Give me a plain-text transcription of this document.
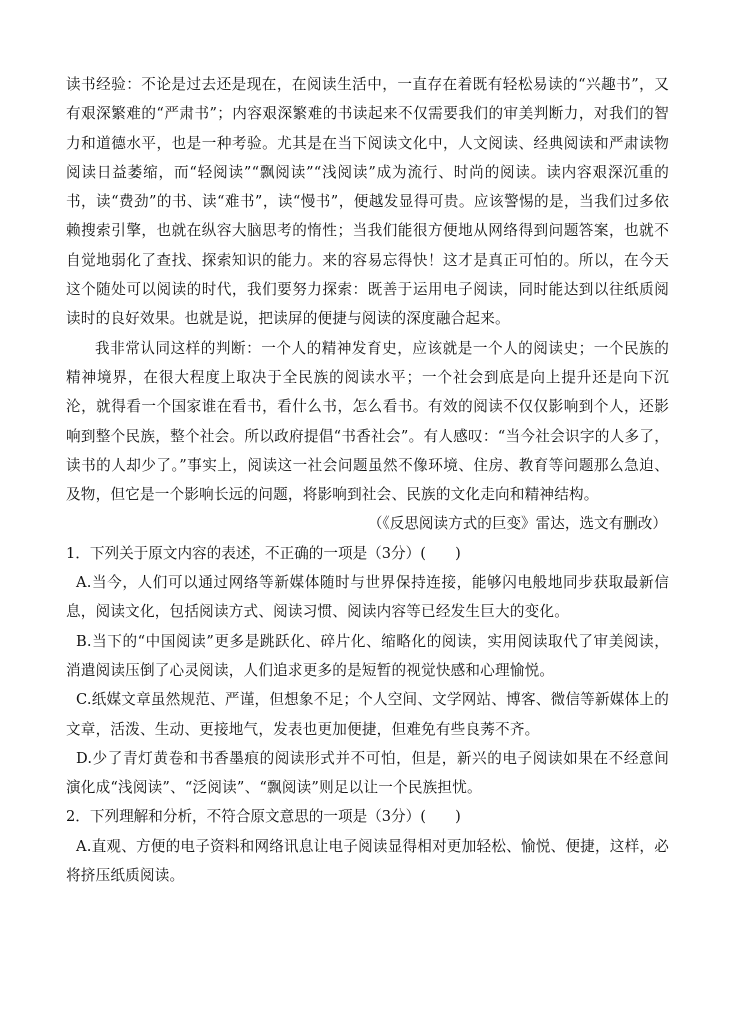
读书经验：不论是过去还是现在，在阅读生活中，一直存在着既有轻松易读的“兴趣书”，又有艰深繁难的“严肃书”；内容艰深繁难的书读起来不仅需要我们的审美判断力，对我们的智力和道德水平，也是一种考验。尤其是在当下阅读文化中，人文阅读、经典阅读和严肃读物阅读日益萎缩，而“轻阅读”“飘阅读”“浅阅读”成为流行、时尚的阅读。读内容艰深沉重的书，读“费劲”的书、读“难书”，读“慢书”，便越发显得可贵。应该警惕的是，当我们过多依赖搜索引擎，也就在纵容大脑思考的惰性；当我们能很方便地从网络得到问题答案，也就不自觉地弱化了查找、探索知识的能力。来的容易忘得快！这才是真正可怕的。所以，在今天这个随处可以阅读的时代，我们要努力探索：既善于运用电子阅读，同时能达到以往纸质阅读时的良好效果。也就是说，把读屏的便捷与阅读的深度融合起来。

我非常认同这样的判断：一个人的精神发育史，应该就是一个人的阅读史；一个民族的精神境界，在很大程度上取决于全民族的阅读水平；一个社会到底是向上提升还是向下沉沦，就得看一个国家谁在看书，看什么书，怎么看书。有效的阅读不仅仅影响到个人，还影响到整个民族，整个社会。所以政府提倡“书香社会”。有人感叹：“当今社会识字的人多了，读书的人却少了。”事实上，阅读这一社会问题虽然不像环境、住房、教育等问题那么急迫、及物，但它是一个影响长远的问题，将影响到社会、民族的文化走向和精神结构。

（《反思阅读方式的巨变》雷达，选文有删改）

1．下列关于原文内容的表述，不正确的一项是（3分）(　　)

A.当今，人们可以通过网络等新媒体随时与世界保持连接，能够闪电般地同步获取最新信息，阅读文化，包括阅读方式、阅读习惯、阅读内容等已经发生巨大的变化。

B.当下的“中国阅读”更多是跳跃化、碎片化、缩略化的阅读，实用阅读取代了审美阅读，消遣阅读压倒了心灵阅读，人们追求更多的是短暂的视觉快感和心理愉悦。

C.纸媒文章虽然规范、严谨，但想象不足；个人空间、文学网站、博客、微信等新媒体上的文章，活泼、生动、更接地气，发表也更加便捷，但难免有些良莠不齐。

D.少了青灯黄卷和书香墨痕的阅读形式并不可怕，但是，新兴的电子阅读如果在不经意间演化成“浅阅读”、“泛阅读”、“飘阅读”则足以让一个民族担忧。

2．下列理解和分析，不符合原文意思的一项是（3分）(　　)

A.直观、方便的电子资料和网络讯息让电子阅读显得相对更加轻松、愉悦、便捷，这样，必将挤压纸质阅读。
